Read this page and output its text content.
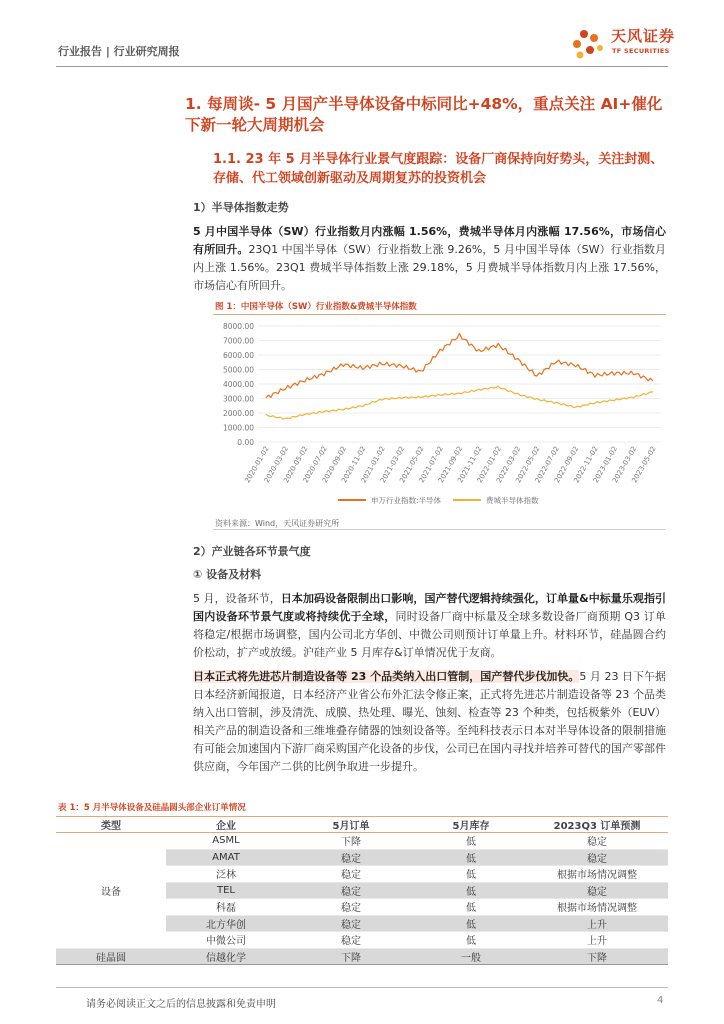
行业报告 | 行业研究周报
天风证券
TF SECURITIES
1. 每周谈- 5 月国产半导体设备中标同比+48%，重点关注 AI+催化下新一轮大周期机会
1.1. 23 年 5 月半导体行业景气度跟踪：设备厂商保持向好势头，关注封测、存储、代工领域创新驱动及周期复苏的投资机会
1）半导体指数走势
5 月中国半导体（SW）行业指数月内涨幅 1.56%，费城半导体月内涨幅 17.56%，市场信心有所回升。23Q1 中国半导体（SW）行业指数上涨 9.26%，5 月中国半导体（SW）行业指数月内上涨 1.56%。23Q1 费城半导体指数上涨 29.18%，5 月费城半导体指数月内上涨 17.56%，市场信心有所回升。
图 1：中国半导体（SW）行业指数&费城半导体指数
8000.00
7000.00
6000.00
5000.00
4000.00
3000.00
2000.00
1000.00
0.00
2020-01-02
2020-03-02
2020-05-02
2020-07-02
2020-09-02
2020-11-02
2021-01-02
2021-03-02
2021-05-02
2021-07-02
2021-09-02
2021-11-02
2022-01-02
2022-03-02
2022-05-02
2022-07-02
2022-09-02
2022-11-02
2023-01-02
2023-03-02
2023-05-02
申万行业指数:半导体	费城半导体指数
资料来源：Wind，天风证券研究所
2）产业链各环节景气度
① 设备及材料
5 月，设备环节，日本加码设备限制出口影响，国产替代逻辑持续强化，订单量&中标量乐观指引国内设备环节景气度或将持续优于全球，同时设备厂商中标量及全球多数设备厂商预期 Q3 订单将稳定/根据市场调整，国内公司北方华创、中微公司则预计订单量上升。材料环节，硅晶圆合约价松动，扩产或放缓。沪硅产业 5 月库存&订单情况优于友商。
日本正式将先进芯片制造设备等 23 个品类纳入出口管制，国产替代步伐加快。5 月 23 日下午据日本经济新闻报道，日本经济产业省公布外汇法令修正案，正式将先进芯片制造设备等 23 个品类纳入出口管制，涉及清洗、成膜、热处理、曝光、蚀刻、检查等 23 个种类，包括极紫外（EUV）相关产品的制造设备和三维堆叠存储器的蚀刻设备等。至纯科技表示日本对半导体设备的限制措施有可能会加速国内下游厂商采购国产化设备的步伐，公司已在国内寻找并培养可替代的国产零部件供应商，今年国产二供的比例争取进一步提升。
表 1：5 月半导体设备及硅晶圆头部企业订单情况
类型	企业	5月订单	5月库存	2023Q3 订单预测
设备	ASML	下降	低	稳定
	AMAT	稳定	低	稳定
	泛林	稳定	低	根据市场情况调整
	TEL	稳定	低	稳定
	科磊	稳定	低	根据市场情况调整
	北方华创	稳定	低	上升
	中微公司	稳定	低	上升
硅晶圆	信越化学	下降	一般	下降
请务必阅读正文之后的信息披露和免责申明	4
